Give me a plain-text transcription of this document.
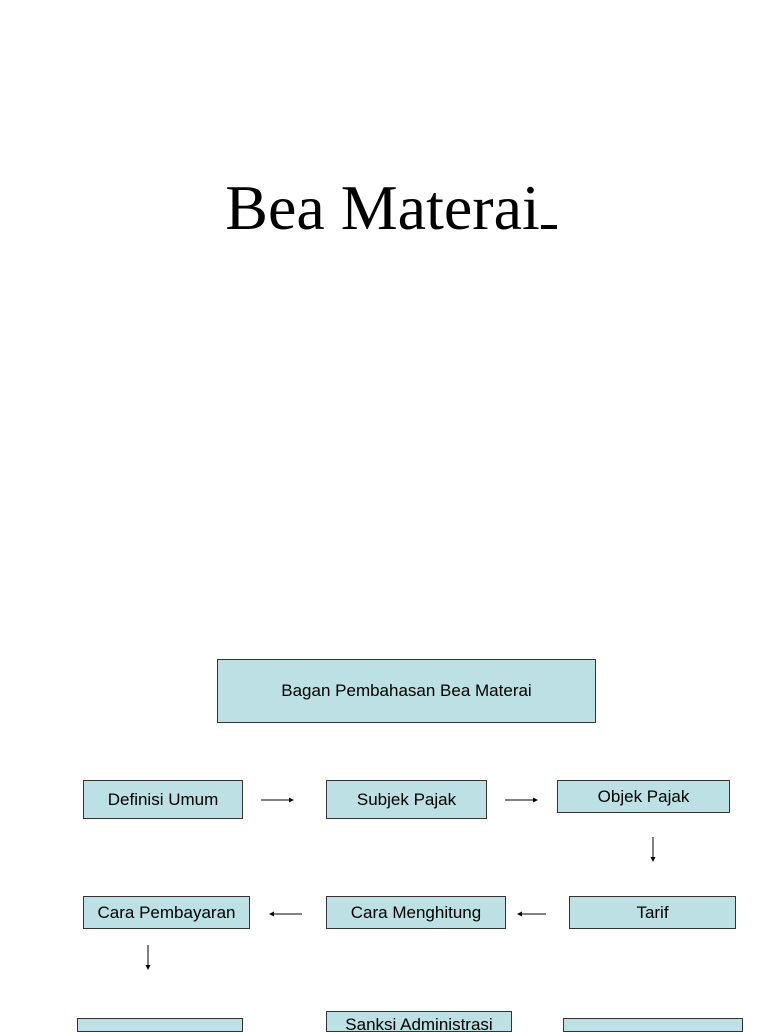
Bea Materai
Bagan Pembahasan Bea Materai
Definisi Umum	Subjek Pajak	Objek Pajak
Cara Pembayaran	Cara Menghitung	Tarif
Sanksi Administrasi
